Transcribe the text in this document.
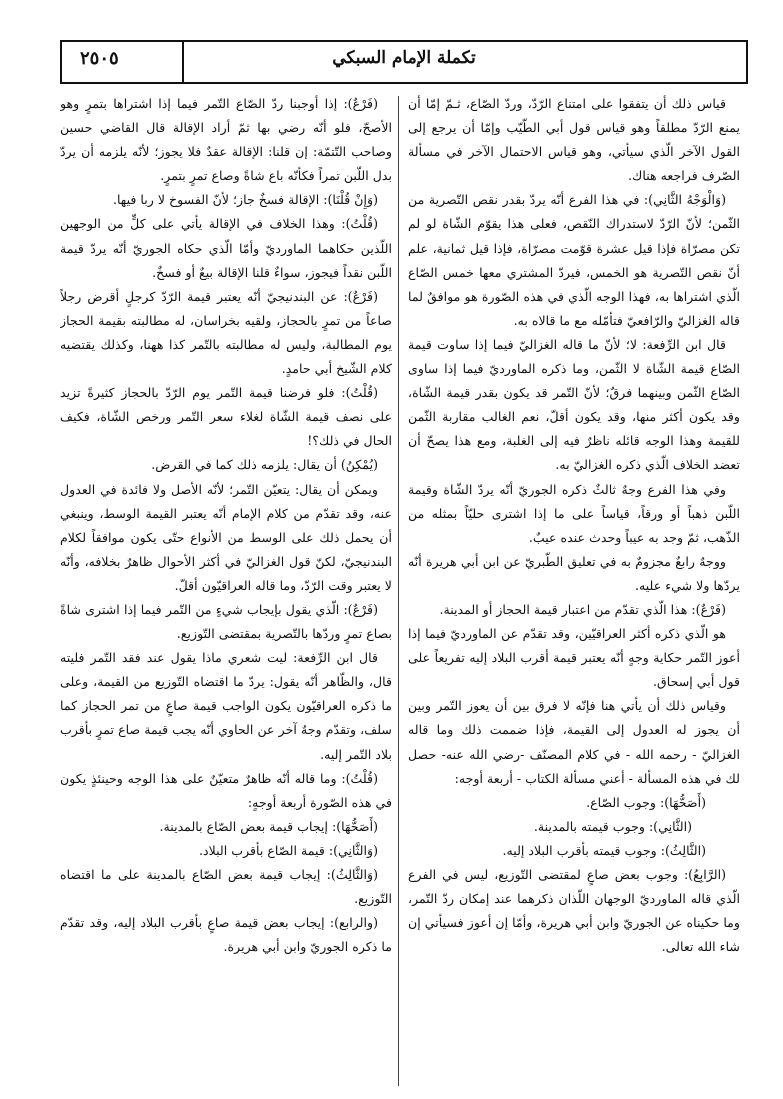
تكملة الإمام السبكي
٢٥٠٥

قياس ذلك أن يتفقوا على امتناع الرّدّ، وردّ الصّاع، ثـمّ إمّا أن يمنع الرّدّ مطلقاً وهو قياس قول أبي الطّيّب وإمّا أن يرجع إلى القول الآخر الّذي سيأتي، وهو قياس الاحتمال الآخر في مسألة الصّرف فراجعه هناك.

(وَالْوَجْهُ الثَّانِي): في هذا الفرع أنّه يردّ بقدر نقص التّصرية من الثّمن؛ لأنّ الرّدّ لاستدراك النّقص، فعلى هذا يقوّم الشّاة لو لم تكن مصرّاة فإذا قيل عشرة قوّمت مصرّاة، فإذا قيل ثمانية، علم أنّ نقص التّصرية هو الخمس، فيردّ المشتري معها خمس الصّاع الّذي اشتراها به، فهذا الوجه الّذي في هذه الصّورة هو موافقٌ لما قاله الغزاليّ والرّافعيّ فتأمّله مع ما قالاه به.

قال ابن الرِّفعة: لا؛ لأنّ ما قاله الغزاليّ فيما إذا ساوت قيمة الصّاع قيمة الشّاة لا الثّمن، وما ذكره الماورديّ فيما إذا ساوى الصّاع الثّمن وبينهما فرقٌ؛ لأنّ التّمر قد يكون بقدر قيمة الشّاة، وقد يكون أكثر منها، وقد يكون أقلّ، نعم الغالب مقاربة الثّمن للقيمة وهذا الوجه قائله ناظرٌ فيه إلى الغلبة، ومع هذا يصحّ أن تعضد الخلاف الّذي ذكره الغزاليّ به.

وفي هذا الفرع وجهٌ ثالثٌ ذكره الجوريّ أنّه يردّ الشّاة وقيمة اللّبن ذهباً أو ورقاً، قياساً على ما إذا اشترى حليّاً بمثله من الذّهب، ثمّ وجد به عيباً وحدث عنده عيبٌ.

ووجهٌ رابعٌ مجزومٌ به في تعليق الطّبريّ عن ابن أبي هريرة أنّه يردّها ولا شيء عليه.

(فَرْعٌ): هذا الّذي تقدّم من اعتبار قيمة الحجاز أو المدينة.

هو الّذي ذكره أكثر العراقيّين، وقد تقدّم عن الماورديّ فيما إذا أعوز التّمر حكاية وجهٍ أنّه يعتبر قيمة أقرب البلاد إليه تفريعاً على قول أبي إسحاق.

وقياس ذلك أن يأتي هنا فإنّه لا فرق بين أن يعوز التّمر وبين أن يجوز له العدول إلى القيمة، فإذا ضممت ذلك وما قاله الغزاليّ - رحمه الله - في كلام المصنّف -رضي الله عنه- حصل لك في هذه المسألة - أعني مسألة الكتاب - أربعة أوجه:

(أَصَحُّهَا): وجوب الصّاع.

(الثَّانِي): وجوب قيمته بالمدينة.

(الثَّالِثُ): وجوب قيمته بأقرب البلاد إليه.

(الرَّابِعُ): وجوب بعض صاعٍ لمقتضى التّوزيع، ليس في الفرع الّذي قاله الماورديّ الوجهان اللّذان ذكرهما عند إمكان ردّ التّمر، وما حكيناه عن الجوريّ وابن أبي هريرة، وأمّا إن أعوز فسيأتي إن شاء الله تعالى.

(فَرْعٌ): إذا أوجبنا ردّ الصّاع التّمر فيما إذا اشتراها بتمرٍ وهو الأصحّ، فلو أنّه رضي بها ثمّ أراد الإقالة قال القاضي حسين وصاحب التّتمّة: إن قلنا: الإقالة عقدٌ فلا يجوز؛ لأنّه يلزمه أن يردّ بدل اللّبن تمراً فكأنّه باع شاةً وصاع تمرٍ بتمرٍ.

(وَإِنْ قُلْنَا): الإقالة فسخٌ جاز؛ لأنّ الفسوخ لا ربا فيها.

(قُلْتُ): وهذا الخلاف في الإقالة يأتي على كلٍّ من الوجهين اللّذين حكاهما الماورديّ وأمّا الّذي حكاه الجوريّ أنّه يردّ قيمة اللّبن نقداً فيجوز، سواءٌ قلنا الإقالة بيعٌ أو فسخٌ.

(فَرْعٌ): عن البندنيجيّ أنّه يعتبر قيمة الرّدّ كرجلٍ أقرض رجلاً صاعاً من تمرٍ بالحجاز، ولقيه بخراسان، له مطالبته بقيمة الحجاز يوم المطالبة، وليس له مطالبته بالتّمر كذا ههنا، وكذلك يقتضيه كلام الشّيخ أبي حامدٍ.

(قُلْتُ): فلو فرضنا قيمة التّمر يوم الرّدّ بالحجاز كثيرةً تزيد على نصف قيمة الشّاة لغلاء سعر التّمر ورخص الشّاة، فكيف الحال في ذلك؟!

(يُمْكِنُ) أن يقال: يلزمه ذلك كما في القرض.

ويمكن أن يقال: يتعيّن التّمر؛ لأنّه الأصل ولا فائدة في العدول عنه، وقد تقدّم من كلام الإمام أنّه يعتبر القيمة الوسط، وينبغي أن يحمل ذلك على الوسط من الأنواع حتّى يكون موافقاً لكلام البندنيجيّ، لكنّ قول الغزاليّ في أكثر الأحوال ظاهرٌ بخلافه، وأنّه لا يعتبر وقت الرّدّ، وما قاله العراقيّون أقلّ.

(فَرْعٌ): الّذي يقول بإيجاب شيءٍ من التّمر فيما إذا اشترى شاةً بصاع تمرٍ وردّها بالتّصرية بمقتضى التّوزيع.

قال ابن الرِّفعة: ليت شعري ماذا يقول عند فقد التّمر فليته قال، والظّاهر أنّه يقول: يردّ ما اقتضاه التّوزيع من القيمة، وعلى ما ذكره العراقيّون يكون الواجب قيمة صاعٍ من تمر الحجاز كما سلف، وتقدّم وجهٌ آخر عن الحاوي أنّه يجب قيمة صاع تمرٍ بأقرب بلاد التّمر إليه.

(قُلْتُ): وما قاله أنّه ظاهرٌ متعيّنٌ على هذا الوجه وحينئذٍ يكون في هذه الصّورة أربعة أوجهٍ:

(أَصَحُّهَا): إيجاب قيمة بعض الصّاع بالمدينة.

(وَالثَّانِي): قيمة الصّاع بأقرب البلاد.

(وَالثَّالِثُ): إيجاب قيمة بعض الصّاع بالمدينة على ما اقتضاه التّوزيع.

(والرابع): إيجاب بعض قيمة صاعٍ بأقرب البلاد إليه، وقد تقدّم ما ذكره الجوريّ وابن أبي هريرة.
